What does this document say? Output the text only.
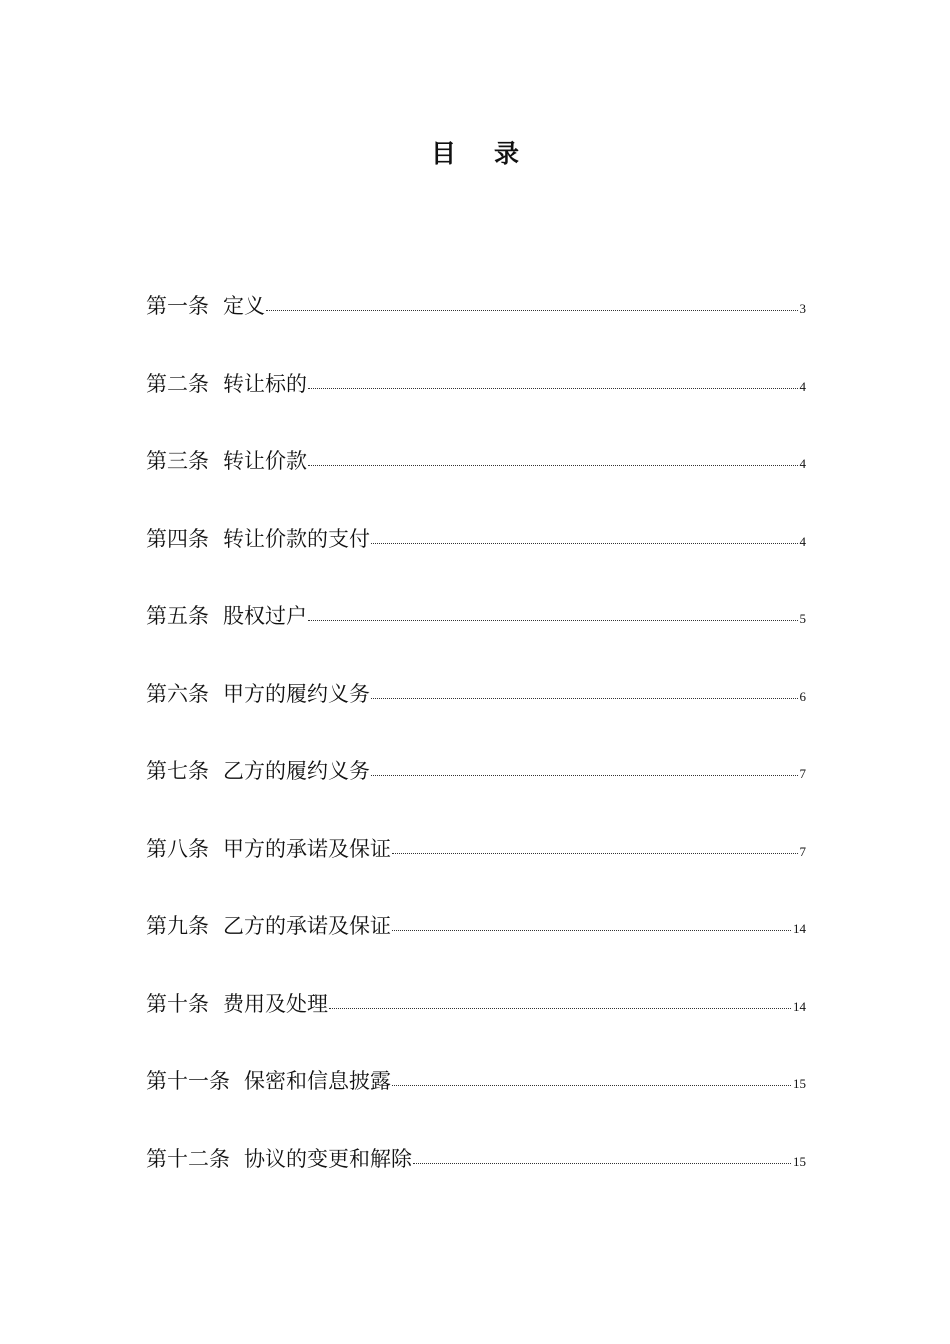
目 录
第一条 定义	3
第二条 转让标的	4
第三条 转让价款	4
第四条 转让价款的支付	4
第五条 股权过户	5
第六条 甲方的履约义务	6
第七条 乙方的履约义务	7
第八条 甲方的承诺及保证	7
第九条 乙方的承诺及保证	14
第十条 费用及处理	14
第十一条 保密和信息披露	15
第十二条 协议的变更和解除	15
